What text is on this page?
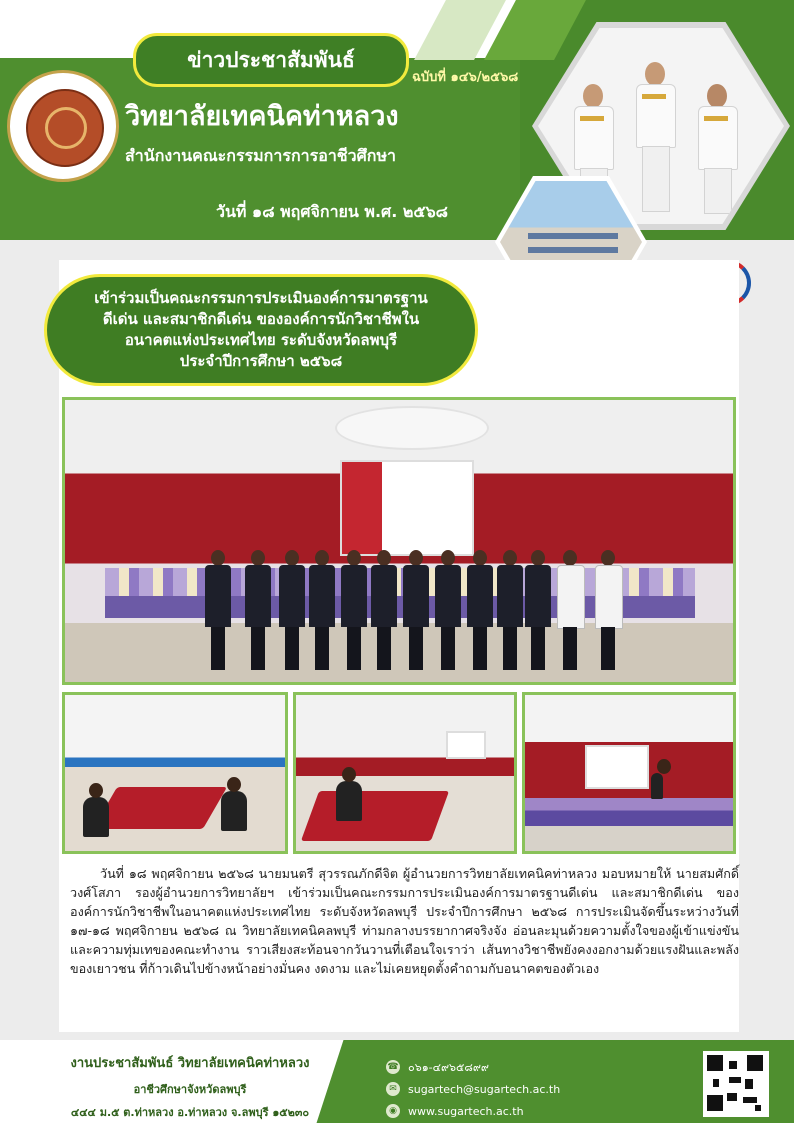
ข่าวประชาสัมพันธ์
ฉบับที่ ๑๔๖/๒๕๖๘
วิทยาลัยเทคนิคท่าหลวง
สำนักงานคณะกรรมการการอาชีวศึกษา
วันที่ ๑๘ พฤศจิกายน พ.ศ. ๒๕๖๘
เข้าร่วมเป็นคณะกรรมการประเมินองค์การมาตรฐาน
ดีเด่น และสมาชิกดีเด่น ขององค์การนักวิชาชีพใน
อนาคตแห่งประเทศไทย ระดับจังหวัดลพบุรี
ประจำปีการศึกษา ๒๕๖๘

วันที่ ๑๘ พฤศจิกายน ๒๕๖๘ นายมนตรี สุวรรณภักดีจิต ผู้อำนวยการวิทยาลัยเทคนิคท่าหลวง มอบหมายให้ นายสมศักดิ์ วงศ์โสภา รองผู้อำนวยการวิทยาลัยฯ เข้าร่วมเป็นคณะกรรมการประเมินองค์การมาตรฐานดีเด่น และสมาชิกดีเด่น ขององค์การนักวิชาชีพในอนาคตแห่งประเทศไทย ระดับจังหวัดลพบุรี ประจำปีการศึกษา ๒๕๖๘ การประเมินจัดขึ้นระหว่างวันที่ ๑๗-๑๘ พฤศจิกายน ๒๕๖๘ ณ วิทยาลัยเทคนิคลพบุรี ท่ามกลางบรรยากาศจริงจัง อ่อนละมุนด้วยความตั้งใจของผู้เข้าแข่งขัน และความทุ่มเทของคณะทำงาน ราวเสียงสะท้อนจากวันวานที่เตือนใจเราว่า เส้นทางวิชาชีพยังคงงอกงามด้วยแรงฝันและพลังของเยาวชน ที่ก้าวเดินไปข้างหน้าอย่างมั่นคง งดงาม และไม่เคยหยุดตั้งคำถามกับอนาคตของตัวเอง

งานประชาสัมพันธ์ วิทยาลัยเทคนิคท่าหลวง
อาชีวศึกษาจังหวัดลพบุรี
๔๔๔ ม.๕ ต.ท่าหลวง อ.ท่าหลวง จ.ลพบุรี ๑๕๒๓๐
☎ ๐๖๑-๔๙๖๕๘๙๙
✉ sugartech@sugartech.ac.th
◉ www.sugartech.ac.th
